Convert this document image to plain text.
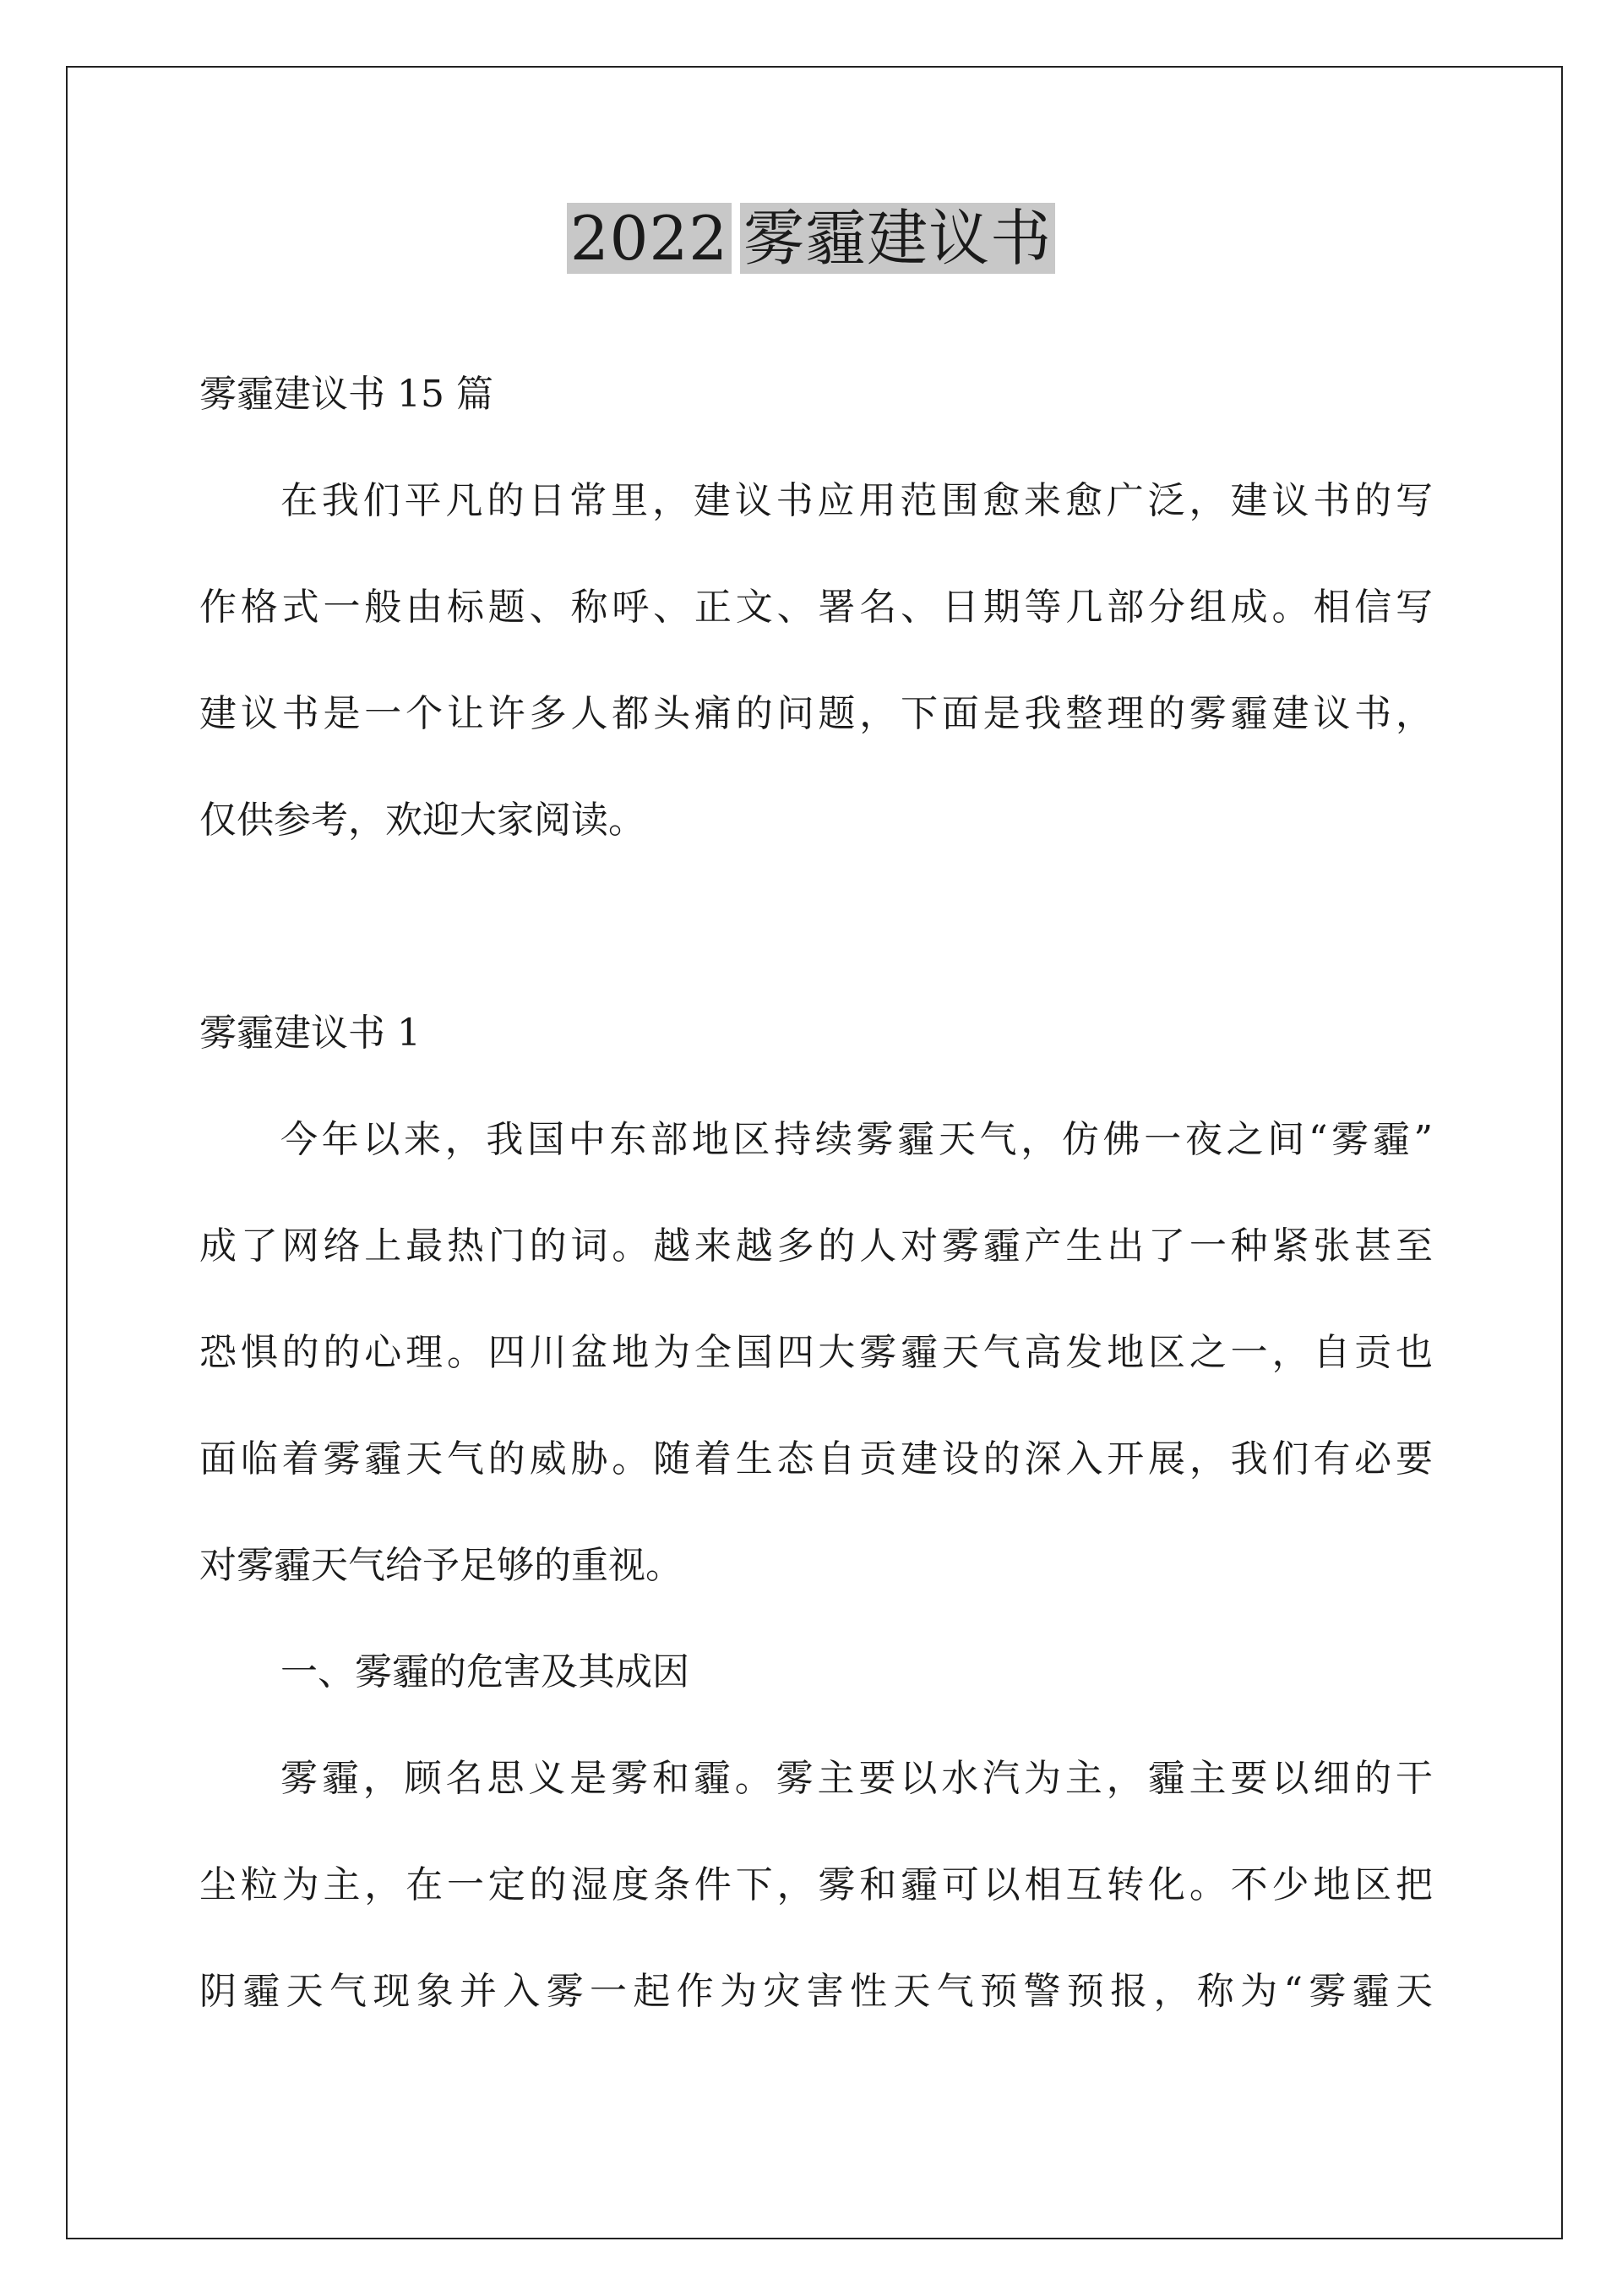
2022 雾霾建议书
雾霾建议书 15 篇
在我们平凡的日常里，建议书应用范围愈来愈广泛，建议书的写
作格式一般由标题、称呼、正文、署名、日期等几部分组成。相信写
建议书是一个让许多人都头痛的问题，下面是我整理的雾霾建议书，
仅供参考，欢迎大家阅读。
雾霾建议书 1
今年以来，我国中东部地区持续雾霾天气，仿佛一夜之间“雾霾”
成了网络上最热门的词。越来越多的人对雾霾产生出了一种紧张甚至
恐惧的的心理。四川盆地为全国四大雾霾天气高发地区之一，自贡也
面临着雾霾天气的威胁。随着生态自贡建设的深入开展，我们有必要
对雾霾天气给予足够的重视。
一、雾霾的危害及其成因
雾霾，顾名思义是雾和霾。雾主要以水汽为主，霾主要以细的干
尘粒为主，在一定的湿度条件下，雾和霾可以相互转化。不少地区把
阴霾天气现象并入雾一起作为灾害性天气预警预报，称为“雾霾天
